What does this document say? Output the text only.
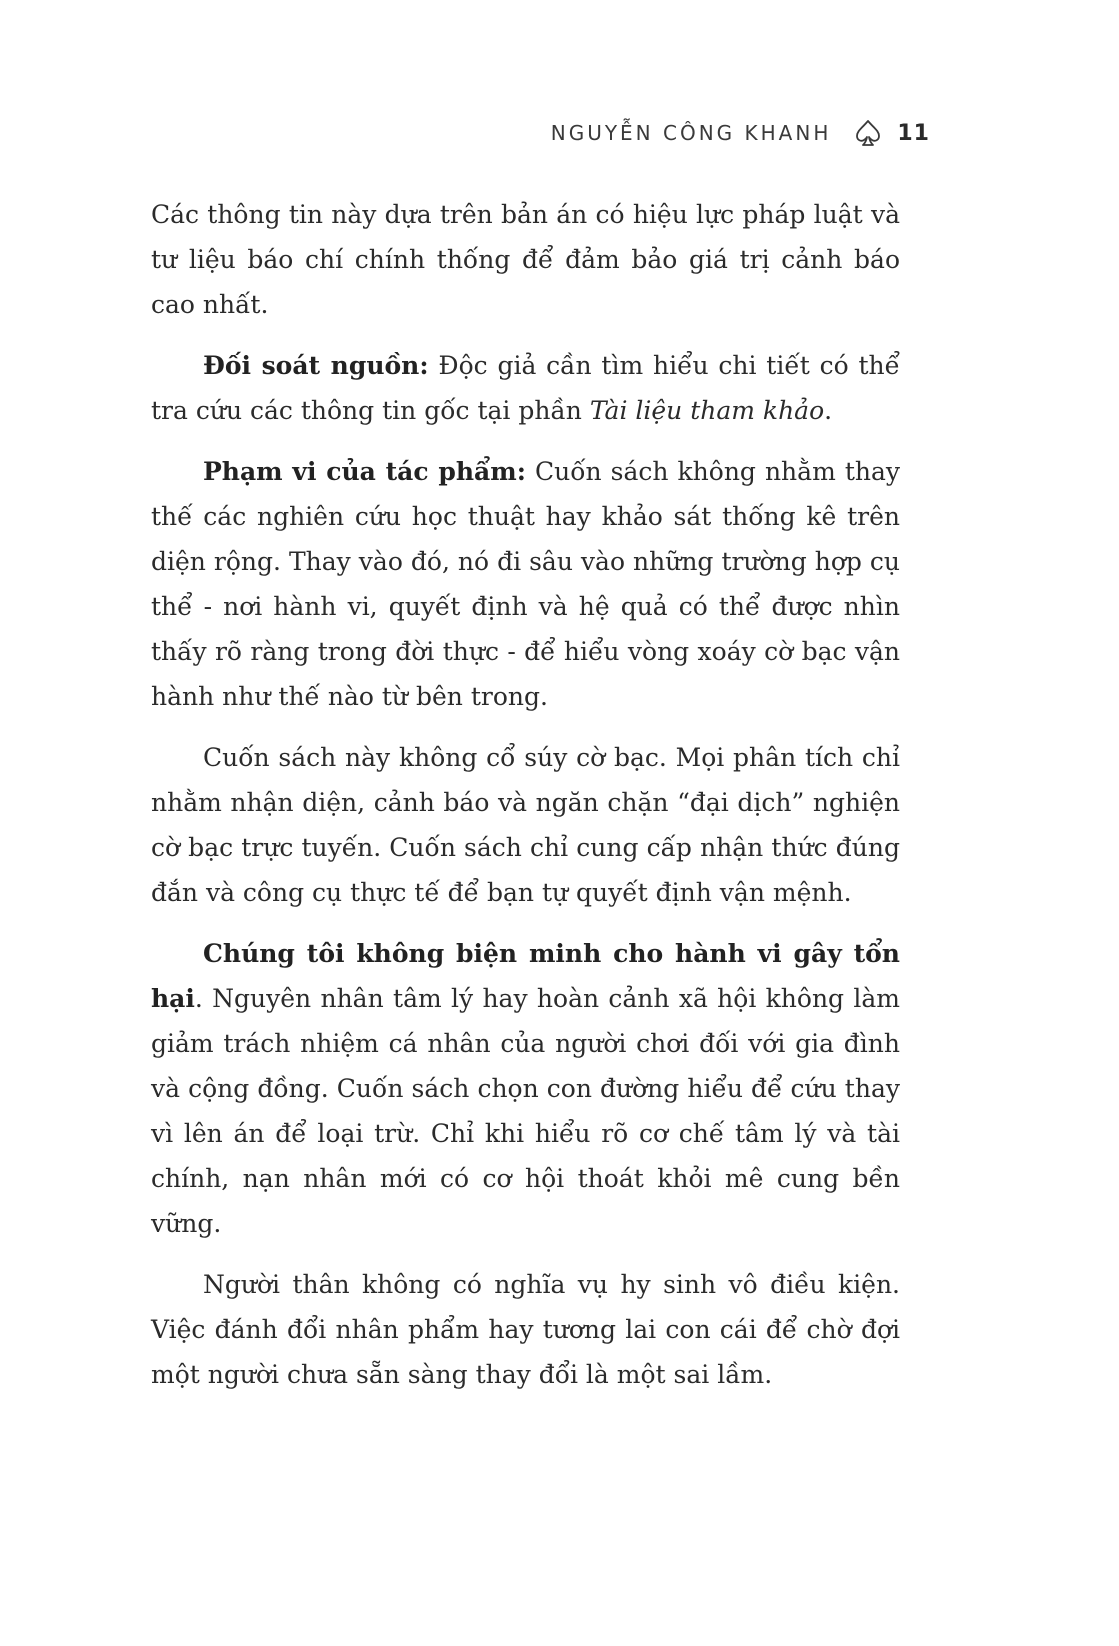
NGUYỄN CÔNG KHANH	11

Các thông tin này dựa trên bản án có hiệu lực pháp luật và tư liệu báo chí chính thống để đảm bảo giá trị cảnh báo cao nhất.

Đối soát nguồn: Độc giả cần tìm hiểu chi tiết có thể tra cứu các thông tin gốc tại phần Tài liệu tham khảo.

Phạm vi của tác phẩm: Cuốn sách không nhằm thay thế các nghiên cứu học thuật hay khảo sát thống kê trên diện rộng. Thay vào đó, nó đi sâu vào những trường hợp cụ thể - nơi hành vi, quyết định và hệ quả có thể được nhìn thấy rõ ràng trong đời thực - để hiểu vòng xoáy cờ bạc vận hành như thế nào từ bên trong.

Cuốn sách này không cổ súy cờ bạc. Mọi phân tích chỉ nhằm nhận diện, cảnh báo và ngăn chặn “đại dịch” nghiện cờ bạc trực tuyến. Cuốn sách chỉ cung cấp nhận thức đúng đắn và công cụ thực tế để bạn tự quyết định vận mệnh.

Chúng tôi không biện minh cho hành vi gây tổn hại. Nguyên nhân tâm lý hay hoàn cảnh xã hội không làm giảm trách nhiệm cá nhân của người chơi đối với gia đình và cộng đồng. Cuốn sách chọn con đường hiểu để cứu thay vì lên án để loại trừ. Chỉ khi hiểu rõ cơ chế tâm lý và tài chính, nạn nhân mới có cơ hội thoát khỏi mê cung bền vững.

Người thân không có nghĩa vụ hy sinh vô điều kiện. Việc đánh đổi nhân phẩm hay tương lai con cái để chờ đợi một người chưa sẵn sàng thay đổi là một sai lầm.
